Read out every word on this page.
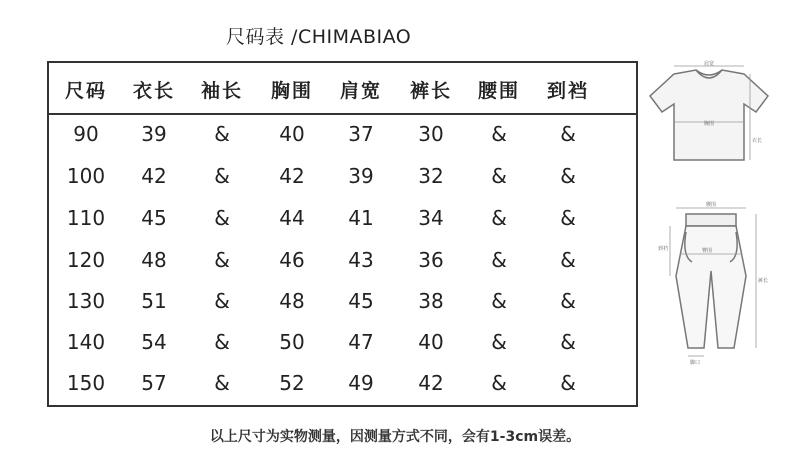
尺码表 /CHIMABIAO
尺码	衣长	袖长	胸围	肩宽	裤长	腰围	到裆
90	39	&	40	37	30	&	&
100	42	&	42	39	32	&	&
110	45	&	44	41	34	&	&
120	48	&	46	43	36	&	&
130	51	&	48	45	38	&	&
140	54	&	50	47	40	&	&
150	57	&	52	49	42	&	&
肩宽
胸围
衣长
腰围
臀围
到裆
裤长
脚口
以上尺寸为实物测量，因测量方式不同，会有1-3cm误差。
